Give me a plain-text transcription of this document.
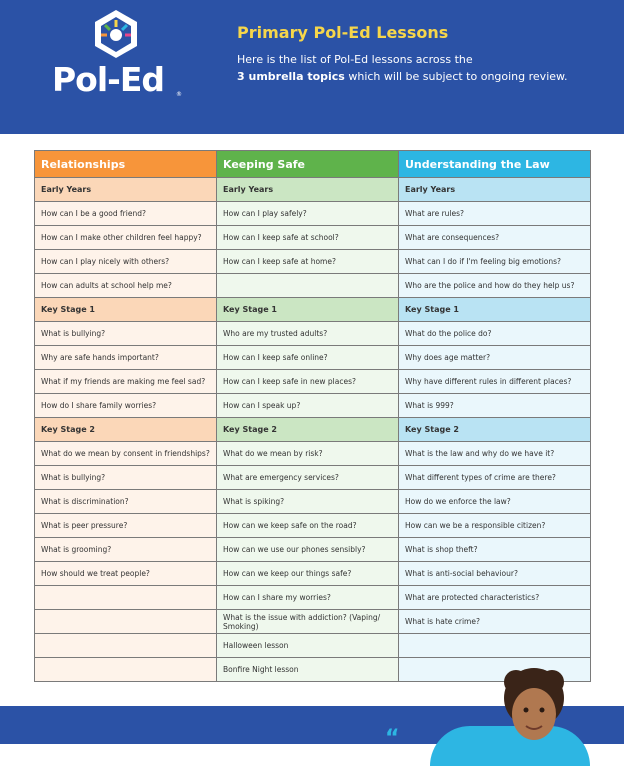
Pol-Ed ®
Primary Pol-Ed Lessons
Here is the list of Pol-Ed lessons across the
3 umbrella topics which will be subject to ongoing review.
Relationships	Keeping Safe	Understanding the Law
Early Years	Early Years	Early Years
How can I be a good friend?	How can I play safely?	What are rules?
How can I make other children feel happy?	How can I keep safe at school?	What are consequences?
How can I play nicely with others?	How can I keep safe at home?	What can I do if I'm feeling big emotions?
How can adults at school help me?		Who are the police and how do they help us?
Key Stage 1	Key Stage 1	Key Stage 1
What is bullying?	Who are my trusted adults?	What do the police do?
Why are safe hands important?	How can I keep safe online?	Why does age matter?
What if my friends are making me feel sad?	How can I keep safe in new places?	Why have different rules in different places?
How do I share family worries?	How can I speak up?	What is 999?
Key Stage 2	Key Stage 2	Key Stage 2
What do we mean by consent in friendships?	What do we mean by risk?	What is the law and why do we have it?
What is bullying?	What are emergency services?	What different types of crime are there?
What is discrimination?	What is spiking?	How do we enforce the law?
What is peer pressure?	How can we keep safe on the road?	How can we be a responsible citizen?
What is grooming?	How can we use our phones sensibly?	What is shop theft?
How should we treat people?	How can we keep our things safe?	What is anti-social behaviour?
	How can I share my worries?	What are protected characteristics?
	What is the issue with addiction? (Vaping/ Smoking)	What is hate crime?
	Halloween lesson	
	Bonfire Night lesson	
“
